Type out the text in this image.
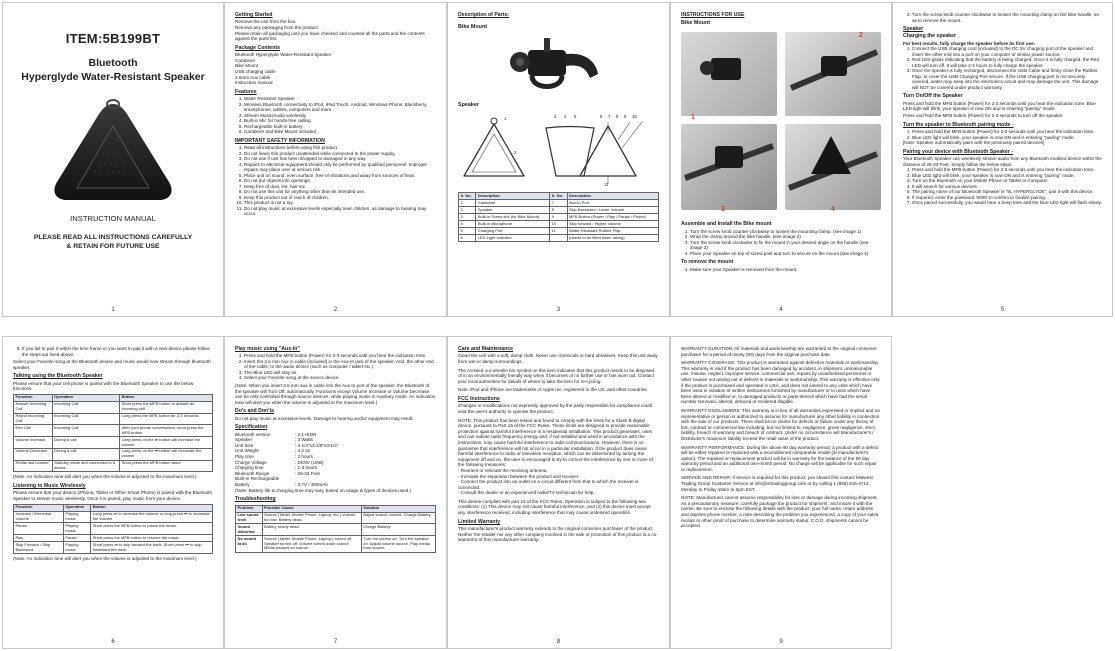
ITEM:5B199BT
Bluetooth
Hyperglyde Water-Resistant Speaker
INSTRUCTION MANUAL
PLEASE READ ALL INSTRUCTIONS CAREFULLY
& RETAIN FOR FUTURE USE
1
Getting Started
Remove the unit from the box.
Remove any packaging from the product.
Please retain all packaging until you have checked and counted all the parts and the contents against the parts list.
Package Contents
Bluetooth Hyperglyde Water-Resistant Speaker
Carabiner
Bike Mount
USB charging cable
3.5mm Aux cable
Instruction manual
Features
1. Water Resistant Speaker
2. Wireless Bluetooth connectivity to iPod, iPod Touch, Android, Windows Phone, Blackberry, smartphones, tablets, computers and more.
3. Stream Music/Audio wirelessly
4. Built-in Mic for hands-free calling
5. Rechargeable built-in battery
6. Carabiner and Bike Mount included
IMPORTANT SAFETY INFORMATION
1. Read all instructions before using this product.
2. Do not leave this product unattended while connected to the power supply.
3. Do not use if unit has been dropped or damaged in any way.
4. Repairs to electrical equipment should only be performed by qualified personnel. Improper repairs may place user at serious risk.
5. Place unit on sound, even surface, free of vibrations and away from sources of heat.
6. Do not put objects into openings.
7. Keep free of dust, lint, hair etc.
8. Do not use this unit for anything other than its intended use.
9. Keep this product out of reach of children.
10. This product is not a toy.
11. Do not play music at excessive levels especially near children, as damage to hearing may occur.
2
Description of Parts:
Bike Mount
Speaker
1
2
3 4 5	6 7 8 9 10
11
S. No.	Description	S. No.	Description
1	Carabiner	7	Aux-In Port
2	Speaker	8	Skip Backward / Lower Volume
3	Built-in Screw slot (for Bike Mount)	9	MFB Button (Power / Play / Pause / Phone)
4	Built-in Microphone	10	Skip forward / Higher Volume
5	Charging Port	11	Water-Resistant Rubber Flap
6	LED Light Indicator		(needs to be lifted when taking)
3
INSTRUCTIONS FOR USE
Bike Mount
1
2
3	4
Assemble and Install the Bike mount
1. Turn the screw knob counter-clockwise to loosen the mounting clamp. (see image 1)
2. Wrap the clamp around the bike handle. (see image 2)
3. Turn the screw knob clockwise to fix the mount in your desired angle on the handle (see image 3)
4. Place your Speaker on top of screw post and turn to secure on the mount (see image 4)
To remove the mount
1. Make sure your Speaker is removed from the mount.
4
2. Turn the screw knob counter-clockwise to loosen the mounting clamp on the bike handle, so as to remove the mount.
Speaker
Charging the speaker
For best results, fully charge the speaker before its first use.
1. Connect the USB charging cord (included) to the DC 5V charging port of the speaker and insert the other end into a port on your computer or similar power source.
2. Red LED glows indicating that the battery is being charged. Once it is fully charged, the Red LED will turn off. It will take 2-3 hours to fully charge the speaker.
3. Once the speaker is fully recharged, disconnect the USB Cable and firmly close the Rubber Flap, to cover the USB Charging Port secure. If the USB charging port is not securely covered, water may seep into the electronics circuit and may damage the unit. This damage will NOT be covered under product warranty.
Turn On/Off the Speaker

Press and hold the MFB button (Power) for 2-3 seconds until you hear the indication tone. Blue LED light will blink, your speaker is now ON and is entering "pairing" mode.

Press and hold the MFB button (Power) for 2-3 seconds to turn off the speaker.

Turn the speaker to Bluetooth pairing mode -
1. Press and hold the MFB button (Power) for 2-3 seconds until you hear the indication tone.
2. Blue LED light will blink, your speaker is now ON and is entering "pairing" mode.
[Note: Speaker automatically pairs with the previously paired devices]
Pairing your device with Bluetooth Speaker -
Your Bluetooth Speaker can wirelessly stream audio from any Bluetooth enabled device within the distance of 26-33 Feet. Simply follow the below steps.
1. Press and hold the MFB button (Power) for 2-3 seconds until you hear the indication tone.
2. Blue LED light will blink, your speaker is now ON and is entering "pairing" mode.
3. Turn on the Bluetooth on your Mobile Phone or Tablet or Computer.
4. It will search for various devices.
5. The pairing name of our Bluetooth Speaker is "5L HYPERGLYDE", pair it with this device.
6. If required, enter the password '0000' to confirm to finalize pairing.
7. Once paired successfully, you would hear a beep tone and the blue LED light will flash slowly.
5
8. If you fail to pair it within the time frame or you want to pair it with a new device please follow the steps out lined above.
Select your Favorite song at the Bluetooth device and music would now stream through bluetooth speaker.
Talking using the Bluetooth Speaker
Please ensure that your cell phone is paired with the Bluetooth Speaker to use the below functions.
Function	Operation	Button
Answer Incoming Call	Incoming Call	Short press the MFB button to answer an incoming call
Reject Incoming Call	Incoming Call	Long press the MFB button for 2-3 seconds
End Call	Incoming Call	After your phone conversation, short press the MFB button
Volume Increase	During a call	Long press on the ⏭ button will increase the volume
Volume Decrease	During a call	Long press on the ⏮ button will decrease the volume
Redial last number	Standby mode and connected to a device	Short press the MFB button twice
(Note: An Indication tone will alert you when the volume is adjusted to the maximum level.)
Listening to Music Wirelessly
Please ensure that your device (iPhone, Tablet or Other Smart Phone) is paired with the Bluetooth Speaker to stream music wirelessly. Once it is paired, play music from your device.
Function	Operation	Button
Increase / Decrease Volume	Playing music	Long press ⏭ to increase the volume or long press ⏮ to decrease the volume
Pause	Playing music	Short press the MFB button to pause the music
Play	Pause	Short press the MFB button to resume the music
Skip Forward / Skip Backward	Playing music	Short press ⏭ to skip forward the track. Short press ⏮ to skip backward the track.
(Note: An Indication tone will alert you when the volume is adjusted to the maximum level.)
6
Play music using "Aux-In"
1. Press and hold the MFB button (Power) for 2-3 seconds until you hear the indication tone.
2. Insert the 3.5 mm Aux in cable (included) in the Aux-In jack of the speaker. And, the other end of the cable, to the audio device (such as computer / tablet etc.).
3. The Blue LED will stay on.
4. Select your Favorite song at the source device.
(Note: When you insert 3.5 mm Aux in cable into the Aux-In port of the speaker, the Bluetooth of the speaker will Turn Off, automatically. Functions except Volume Increase or Volume Decrease can be only controlled through source devices, while playing music in Auxiliary mode. An indication tone will alert you when the volume is adjusted to the maximum level.)
Do's and Don'ts
Do not play music at excessive levels. Damage to hearing and/or equipment may result.
Specification
Bluetooth version	: 2.1+EDR
Speaker	: 3 Watts
Unit Size	: 4-1/4"x3-1/8"x3-1/4"
Unit Weight	: 4.2 oz
Play time	: 2 hours
Charge Voltage	: DC5V (USB)
Charging time	: 1-3 hours
Bluetooth Range	: 26-33 Feet
Built-In Rechargeable
Battery	: 3.7V / 300mAh
(Note: Battery life & charging time may vary, based on usage & types of devices used.)
Troubleshooting
Problem	Possible Cause	Solution
Low sound level	Source (Tablet, Mobile Phone, Laptop, etc.) Volume too low. Battery dead.	Adjust source volume. Charge Battery.
Sound distorted	Battery nearly dead.	Charge Battery.
No sound at all	Source (Tablet, Mobile Phone, Laptop,) turned off. Speaker turned off. Volume turned down source. Media paused on source.	Turn the source on. Turn the speaker on. Adjust volume source. Play media from source.
7
Care and Maintenance
Clean the unit with a soft, damp cloth. Never use chemicals or hard abrasives. Keep this unit away from wet or damp surroundings.
The crossed out wheelie bin symbol on this item indicates that this product needs to be disposed of in an environmentally friendly way when it becomes of no further use or has worn out. Contact your local authorities for details of where to take the item for re-cycling.
Note: iPod and iPhone are trademarks of Apple Inc. registered in the US, and other countries.
FCC Instructions
Changes or modifications not expressly approved by the party responsible for compliance could void the user's authority to operate the product.
NOTE: This product has been tested and found to comply with the limits for a Class B digital device, pursuant to Part 15 of the FCC Rules. These limits are designed to provide reasonable protection against harmful interference in a residential installation. This product generates, uses and can radiate radio frequency energy and, if not installed and used in accordance with the instructions, may cause harmful interference to radio communications. However, there is no guarantee that interference will not occur in a particular installation. If the product does cause harmful interference to radio or television reception, which can be determined by turning the equipment off and on, the user is encouraged to try to correct the interference by one or more of the following measures:
- Reorient or relocate the receiving antenna.
- Increase the separation between the product and receiver.
- Connect the product into an outlet on a circuit different from that to which the receiver is connected.
- Consult the dealer or an experienced radio/TV technician for help.
This device complies with part 15 of the FCC Rules. Operation is subject to the following two conditions: (1) This device may not cause harmful interference, and (2) this device must accept any interference received, including interference that may cause undesired operation.
Limited Warranty
This manufacturer's product warranty extends to the original consumer purchaser of the product. Neither the retailer nor any other company involved in the sale or promotion of this product is a co-warrantor of this manufacturer warranty.
8
WARRANTY DURATION: All materials and workmanship are warranted to the original consumer purchaser for a period of ninety (90) days from the original purchase date.
WARRANTY COVERAGE: This product is warranted against defective materials or workmanship. This warranty is void if the product has been damaged by accident, in shipment, unreasonable use, misuse, neglect, improper service, commercial use, repairs by unauthorized personnel or other causes not arising out of defects in materials or workmanship. This warranty is effective only if the product is purchased and operated in USA, and does not extend to any units which have been used in violation of written instructions furnished by manufacturer or to units which have been altered or modified or, to damaged products or parts thereof which have had the serial number removed, altered, defaced or rendered illegible.
WARRANTY DISCLAIMERS: This warranty is in lieu of all warranties expressed or implied and no representative or person is authorized to assume for manufacturer any other liability in connection with the sale of our products. There shall be no claims for defects or failure under any theory of tort, contract or commercial law including, but not limited to, negligence, gross negligence, strict liability, breach of warranty and breach of contract. Under no circumstance will Manufacturer's / Distributor's maximum liability exceed the retail value of the product.
WARRANTY PERFORMANCE: During the above 90 day warranty period, a product with a defect will be either repaired or replaced with a reconditioned comparable model (at manufacturer's option). The repaired or replacement product will be in warranty for the balance of the 90 day warranty period and an additional one-month period. No charge will be applicable for such repair or replacement.
SERVICE AND REPAIR: If service is required for this product, you should first contact Midwest Trading Group Customer Service at info@mtradinggroup.com or by calling 1 (866) 815-4714, Monday to Friday 10am to 6pm EST.
NOTE: Manufacturer cannot assume responsibility for loss or damage during incoming shipment. As a precautionary measure, carefully package the product for shipment, and insure it with the carrier. Be sure to enclose the following details with the product: your full name, return address and daytime phone number, a note describing the problem you experienced, a copy of your sales receipt or other proof of purchase to determine warranty status. C.O.D. shipments cannot be accepted.
9
